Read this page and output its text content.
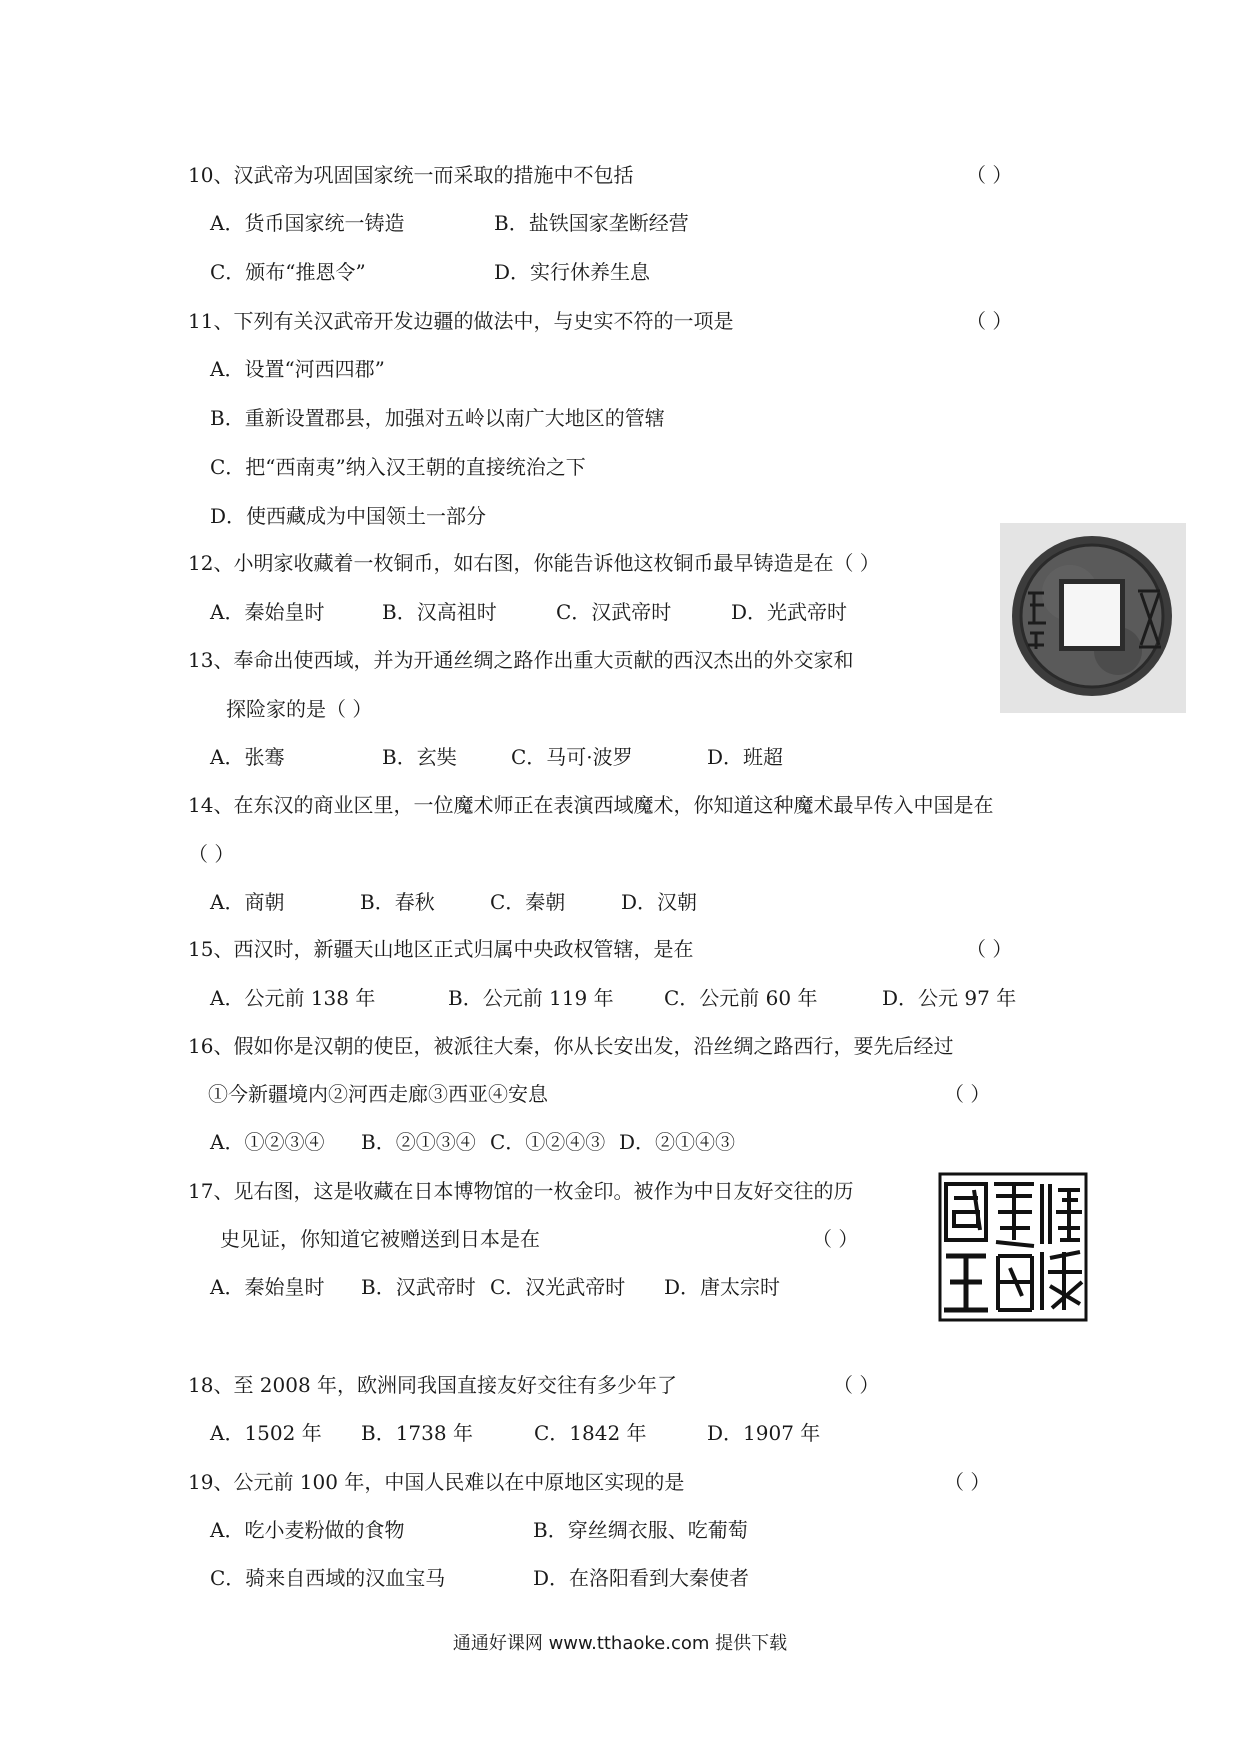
10、汉武帝为巩固国家统一而采取的措施中不包括	（ ）
A．货币国家统一铸造	B．盐铁国家垄断经营
C．颁布“推恩令”	D．实行休养生息
11、下列有关汉武帝开发边疆的做法中，与史实不符的一项是	（ ）
A．设置“河西四郡”
B．重新设置郡县，加强对五岭以南广大地区的管辖
C．把“西南夷”纳入汉王朝的直接统治之下
D．使西藏成为中国领土一部分
12、小明家收藏着一枚铜币，如右图，你能告诉他这枚铜币最早铸造是在（ ）
A．秦始皇时	B．汉高祖时	C．汉武帝时	D．光武帝时
13、奉命出使西域，并为开通丝绸之路作出重大贡献的西汉杰出的外交家和
探险家的是（ ）
A．张骞	B．玄奘	C．马可·波罗	D．班超
14、在东汉的商业区里，一位魔术师正在表演西域魔术，你知道这种魔术最早传入中国是在
（ ）
A．商朝	B．春秋	C．秦朝	D．汉朝
15、西汉时，新疆天山地区正式归属中央政权管辖，是在	（ ）
A．公元前 138 年	B．公元前 119 年	C．公元前 60 年	D．公元 97 年
16、假如你是汉朝的使臣，被派往大秦，你从长安出发，沿丝绸之路西行，要先后经过
①今新疆境内②河西走廊③西亚④安息	（ ）
A．①②③④ B．②①③④ C．①②④③ D．②①④③
17、见右图，这是收藏在日本博物馆的一枚金印。被作为中日友好交往的历
史见证，你知道它被赠送到日本是在	（ ）
A．秦始皇时 B．汉武帝时 C．汉光武帝时 D．唐太宗时
18、至 2008 年，欧洲同我国直接友好交往有多少年了	（ ）
A．1502 年 B．1738 年	C．1842 年	D．1907 年
19、公元前 100 年，中国人民难以在中原地区实现的是	（ ）
A．吃小麦粉做的食物	B．穿丝绸衣服、吃葡萄
C．骑来自西域的汉血宝马	D．在洛阳看到大秦使者
通通好课网 www.tthaoke.com 提供下载
